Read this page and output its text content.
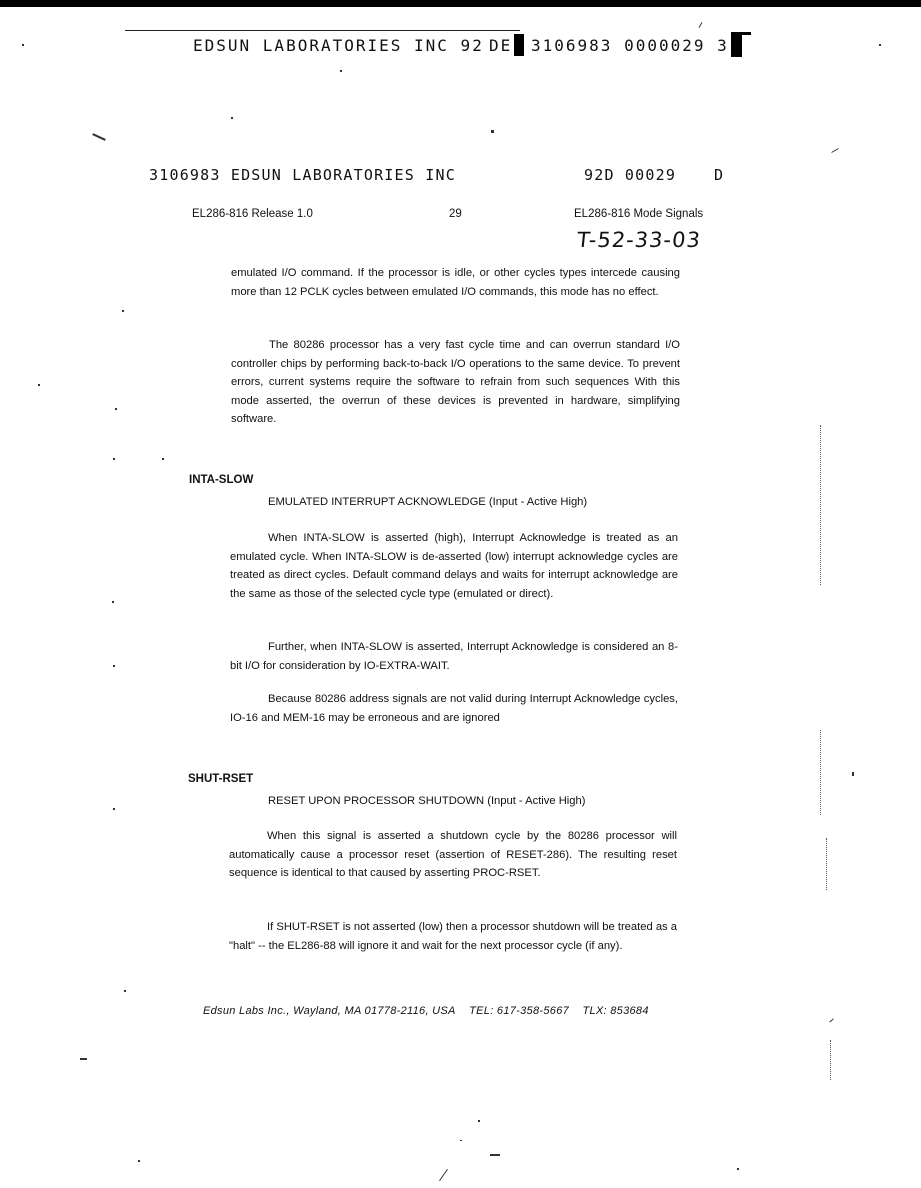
EDSUN LABORATORIES INC 92 DE 3106983 0000029 3
3106983 EDSUN LABORATORIES INC	92D 00029	D
EL286-816 Release 1.0	29	EL286-816 Mode Signals
T-52-33-03
emulated I/O command. If the processor is idle, or other cycles types intercede causing more than 12 PCLK cycles between emulated I/O commands, this mode has no effect.
The 80286 processor has a very fast cycle time and can overrun standard I/O controller chips by performing back-to-back I/O operations to the same device. To prevent errors, current systems require the software to refrain from such sequences With this mode asserted, the overrun of these devices is prevented in hardware, simplifying software.
INTA-SLOW
EMULATED INTERRUPT ACKNOWLEDGE (Input - Active High)
When INTA-SLOW is asserted (high), Interrupt Acknowledge is treated as an emulated cycle. When INTA-SLOW is de-asserted (low) interrupt acknowledge cycles are treated as direct cycles. Default command delays and waits for interrupt acknowledge are the same as those of the selected cycle type (emulated or direct).
Further, when INTA-SLOW is asserted, Interrupt Acknowledge is considered an 8-bit I/O for consideration by IO-EXTRA-WAIT.
Because 80286 address signals are not valid during Interrupt Acknowledge cycles, IO-16 and MEM-16 may be erroneous and are ignored
SHUT-RSET
RESET UPON PROCESSOR SHUTDOWN (Input - Active High)
When this signal is asserted a shutdown cycle by the 80286 processor will automatically cause a processor reset (assertion of RESET-286). The resulting reset sequence is identical to that caused by asserting PROC-RSET.
If SHUT-RSET is not asserted (low) then a processor shutdown will be treated as a "halt" -- the EL286-88 will ignore it and wait for the next processor cycle (if any).
Edsun Labs Inc., Wayland, MA 01778-2116, USA TEL: 617-358-5667 TLX: 853684
